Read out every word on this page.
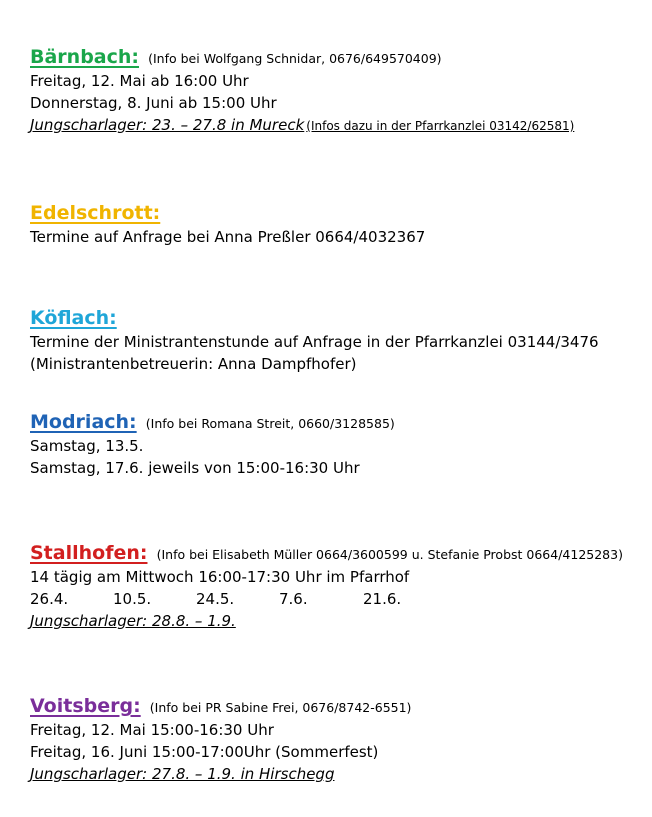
Bärnbach: (Info bei Wolfgang Schnidar, 0676/649570409)
Freitag, 12. Mai ab 16:00 Uhr
Donnerstag, 8. Juni ab 15:00 Uhr
Jungscharlager: 23. – 27.8 in Mureck (Infos dazu in der Pfarrkanzlei 03142/62581)
Edelschrott:
Termine auf Anfrage bei Anna Preßler 0664/4032367
Köflach:
Termine der Ministrantenstunde auf Anfrage in der Pfarrkanzlei 03144/3476
(Ministrantenbetreuerin: Anna Dampfhofer)
Modriach: (Info bei Romana Streit, 0660/3128585)
Samstag, 13.5.
Samstag, 17.6. jeweils von 15:00-16:30 Uhr
Stallhofen: (Info bei Elisabeth Müller 0664/3600599 u. Stefanie Probst 0664/4125283)
14 tägig am Mittwoch 16:00-17:30 Uhr im Pfarrhof
26.4.	10.5.	24.5.	7.6.	21.6.
Jungscharlager: 28.8. – 1.9.
Voitsberg: (Info bei PR Sabine Frei, 0676/8742-6551)
Freitag, 12. Mai 15:00-16:30 Uhr
Freitag, 16. Juni 15:00-17:00Uhr (Sommerfest)
Jungscharlager: 27.8. – 1.9. in Hirschegg
